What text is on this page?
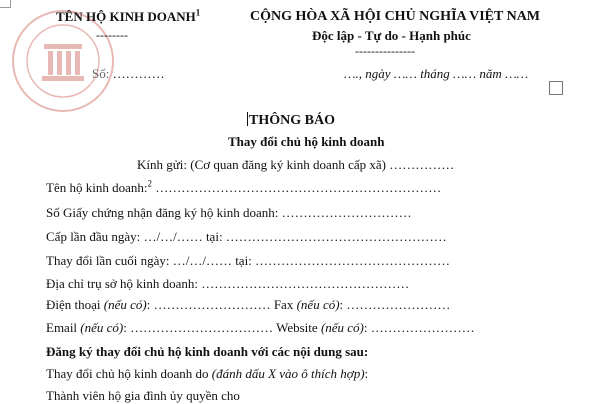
TÊN HỘ KINH DOANH$^1$
--------
Số: …………
CỘNG HÒA XÃ HỘI CHỦ NGHĨA VIỆT NAM
Độc lập - Tự do - Hạnh phúc
---------------
…., ngày …… tháng …… năm ……
THÔNG BÁO
Thay đổi chủ hộ kinh doanh
Kính gửi: (Cơ quan đăng ký kinh doanh cấp xã) ……………
Tên hộ kinh doanh:$^2$ …………………………………………………………
Số Giấy chứng nhận đăng ký hộ kinh doanh: …………………………
Cấp lần đầu ngày: …/…/…… tại: ……………………………………………
Thay đổi lần cuối ngày: …/…/…… tại: ………………………………………
Địa chỉ trụ sở hộ kinh doanh: …………………………………………
Điện thoại (nếu có): ……………………… Fax (nếu có): ……………………
Email (nếu có): …………………………… Website (nếu có): ……………………
Đăng ký thay đổi chủ hộ kinh doanh với các nội dung sau:
Thay đổi chủ hộ kinh doanh do (đánh dấu X vào ô thích hợp):
Thành viên hộ gia đình ủy quyền cho
